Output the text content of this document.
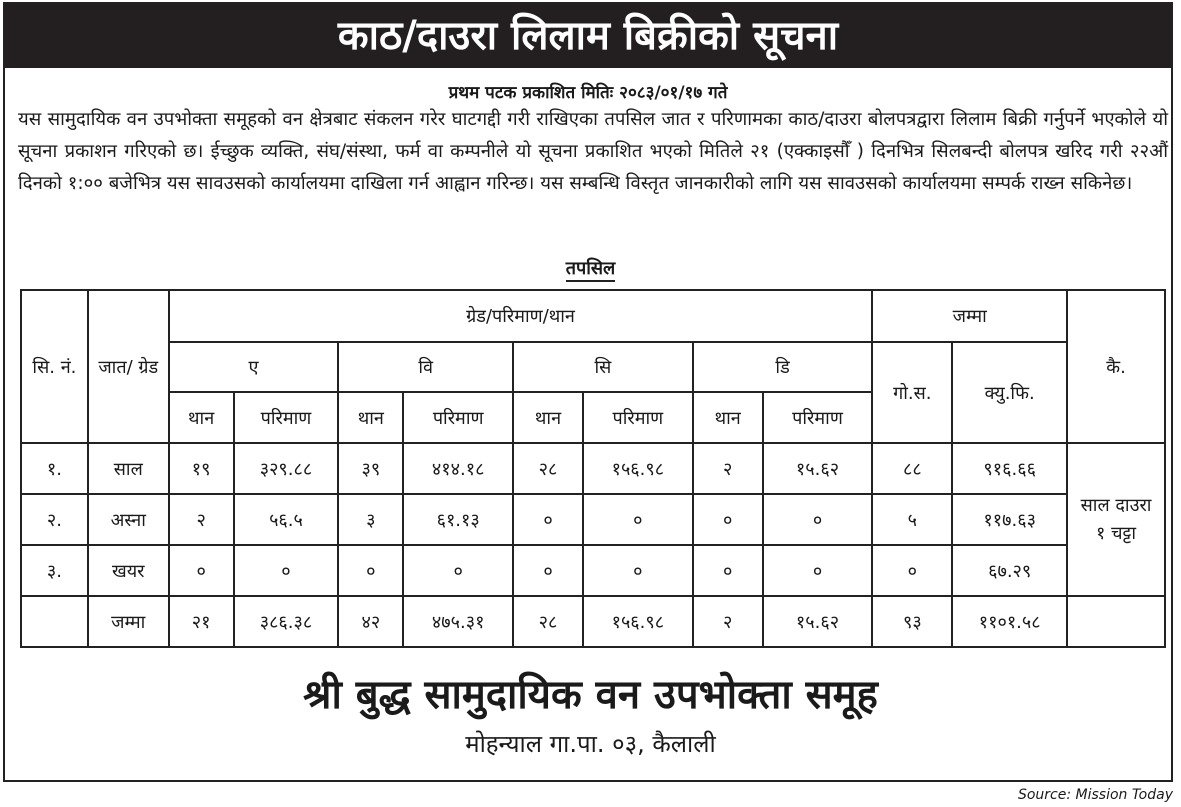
काठ/दाउरा लिलाम बिक्रीको सूचना
प्रथम पटक प्रकाशित मितिः २०८३/०१/१७ गते
यस सामुदायिक वन उपभोक्ता समूहको वन क्षेत्रबाट संकलन गरेर घाटगद्दी गरी राखिएका तपसिल जात र परिणामका काठ/दाउरा बोलपत्रद्वारा लिलाम बिक्री गर्नुपर्ने भएकोले यो सूचना प्रकाशन गरिएको छ। ईच्छुक व्यक्ति, संघ/संस्था, फर्म वा कम्पनीले यो सूचना प्रकाशित भएको मितिले २१ (एक्काइसौँ ) दिनभित्र सिलबन्दी बोलपत्र खरिद गरी २२औं दिनको १:०० बजेभित्र यस सावउसको कार्यालयमा दाखिला गर्न आह्वान गरिन्छ। यस सम्बन्धि विस्तृत जानकारीको लागि यस सावउसको कार्यालयमा सम्पर्क राख्न सकिनेछ।
तपसिल
सि. नं.	जात/ ग्रेड	ग्रेड/परिमाण/थान								जम्मा		कै.
		ए		वि		सि		डि		गो.स.	क्यु.फि.	
		थान	परिमाण	थान	परिमाण	थान	परिमाण	थान	परिमाण			
१.	साल	१९	३२९.८८	३९	४१४.१८	२८	१५६.९८	२	१५.६२	८८	९१६.६६	साल दाउरा १ चट्टा
२.	अस्ना	२	५६.५	३	६१.१३	०	०	०	०	५	११७.६३	
३.	खयर	०	०	०	०	०	०	०	०	०	६७.२९	
	जम्मा	२१	३८६.३८	४२	४७५.३१	२८	१५६.९८	२	१५.६२	९३	११०१.५८	
श्री बुद्ध सामुदायिक वन उपभोक्ता समूह
मोहन्याल गा.पा. ०३, कैलाली
Source: Mission Today
